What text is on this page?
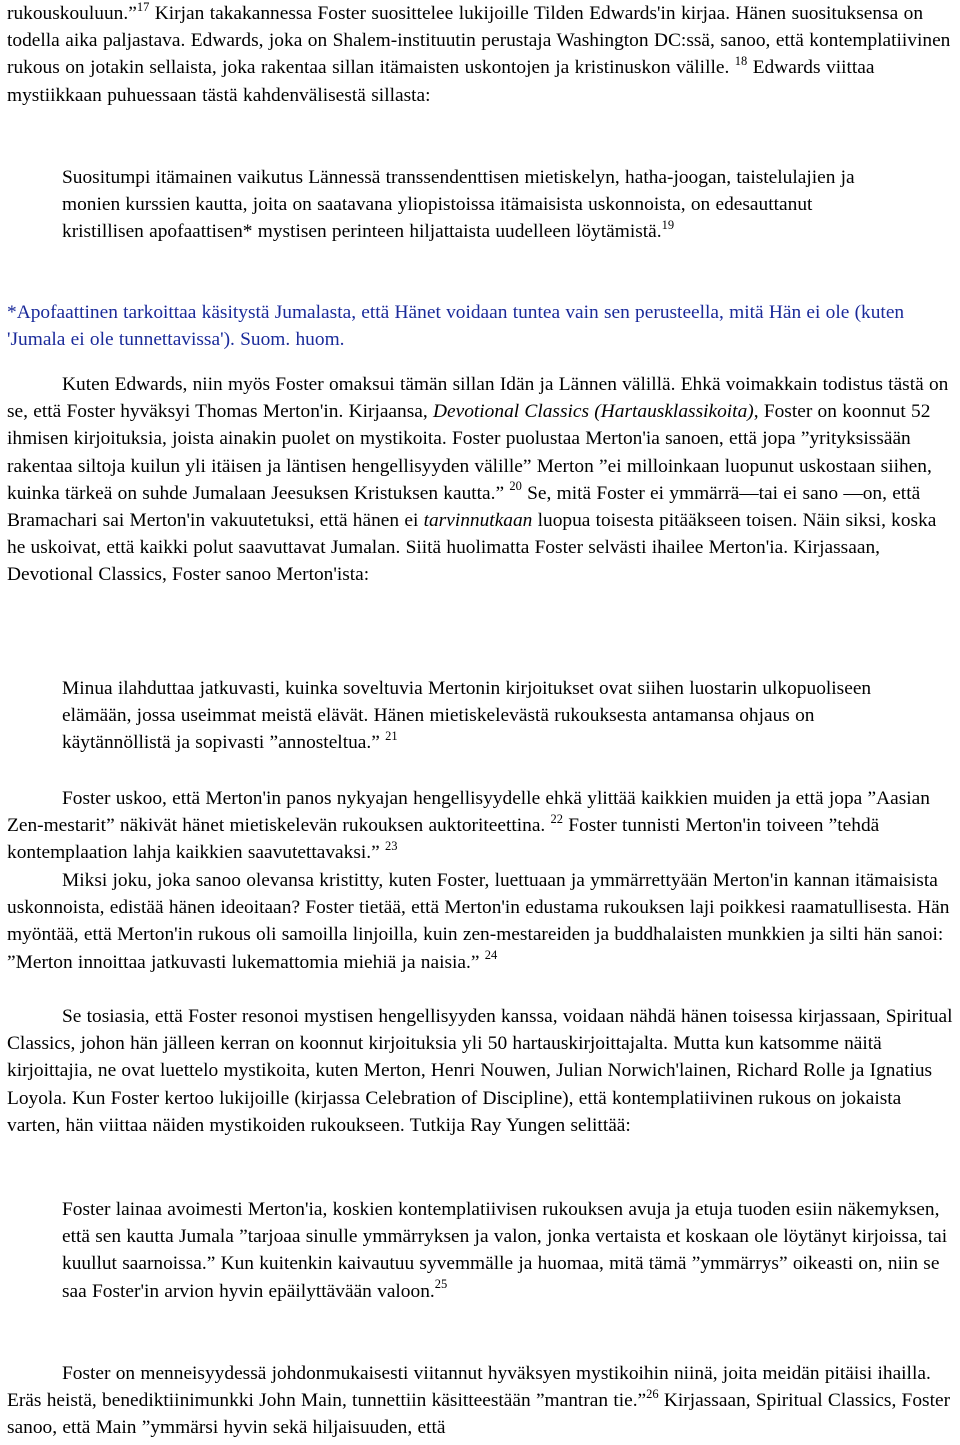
rukouskouluun.”$^{17}$ Kirjan takakannessa Foster suosittelee lukijoille Tilden Edwards'in kirjaa. Hänen suosituksensa on todella aika paljastava. Edwards, joka on Shalem-instituutin perustaja Washington DC:ssä, sanoo, että kontemplatiivinen rukous on jotakin sellaista, joka rakentaa sillan itämaisten uskontojen ja kristinuskon välille. $^{18}$ Edwards viittaa mystiikkaan puhuessaan tästä kahdenvälisestä sillasta:
Suositumpi itämainen vaikutus Lännessä transsendenttisen mietiskelyn, hatha-joogan, taistelulajien ja monien kurssien kautta, joita on saatavana yliopistoissa itämaisista uskonnoista, on edesauttanut kristillisen apofaattisen* mystisen perinteen hiljattaista uudelleen löytämistä.$^{19}$
*Apofaattinen tarkoittaa käsitystä Jumalasta, että Hänet voidaan tuntea vain sen perusteella, mitä Hän ei ole (kuten 'Jumala ei ole tunnettavissa'). Suom. huom.
Kuten Edwards, niin myös Foster omaksui tämän sillan Idän ja Lännen välillä. Ehkä voimakkain todistus tästä on se, että Foster hyväksyi Thomas Merton'in. Kirjaansa, Devotional Classics (Hartausklassikoita), Foster on koonnut 52 ihmisen kirjoituksia, joista ainakin puolet on mystikoita. Foster puolustaa Merton'ia sanoen, että jopa ”yrityksissään rakentaa siltoja kuilun yli itäisen ja läntisen hengellisyyden välille” Merton ”ei milloinkaan luopunut uskostaan siihen, kuinka tärkeä on suhde Jumalaan Jeesuksen Kristuksen kautta.” $^{20}$ Se, mitä Foster ei ymmärrä—tai ei sano —on, että Bramachari sai Merton'in vakuutetuksi, että hänen ei tarvinnutkaan luopua toisesta pitääkseen toisen. Näin siksi, koska he uskoivat, että kaikki polut saavuttavat Jumalan. Siitä huolimatta Foster selvästi ihailee Merton'ia. Kirjassaan, Devotional Classics, Foster sanoo Merton'ista:
Minua ilahduttaa jatkuvasti, kuinka soveltuvia Mertonin kirjoitukset ovat siihen luostarin ulkopuoliseen elämään, jossa useimmat meistä elävät. Hänen mietiskelevästä rukouksesta antamansa ohjaus on käytännöllistä ja sopivasti ”annosteltua.” $^{21}$
Foster uskoo, että Merton'in panos nykyajan hengellisyydelle ehkä ylittää kaikkien muiden ja että jopa ”Aasian Zen-mestarit” näkivät hänet mietiskelevän rukouksen auktoriteettina. $^{22}$ Foster tunnisti Merton'in toiveen ”tehdä kontemplaation lahja kaikkien saavutettavaksi.” $^{23}$
Miksi joku, joka sanoo olevansa kristitty, kuten Foster, luettuaan ja ymmärrettyään Merton'in kannan itämaisista uskonnoista, edistää hänen ideoitaan? Foster tietää, että Merton'in edustama rukouksen laji poikkesi raamatullisesta. Hän myöntää, että Merton'in rukous oli samoilla linjoilla, kuin zen-mestareiden ja buddhalaisten munkkien ja silti hän sanoi: ”Merton innoittaa jatkuvasti lukemattomia miehiä ja naisia.” $^{24}$
Se tosiasia, että Foster resonoi mystisen hengellisyyden kanssa, voidaan nähdä hänen toisessa kirjassaan, Spiritual Classics, johon hän jälleen kerran on koonnut kirjoituksia yli 50 hartauskirjoittajalta. Mutta kun katsomme näitä kirjoittajia, ne ovat luettelo mystikoita, kuten Merton, Henri Nouwen, Julian Norwich'lainen, Richard Rolle ja Ignatius Loyola. Kun Foster kertoo lukijoille (kirjassa Celebration of Discipline), että kontemplatiivinen rukous on jokaista varten, hän viittaa näiden mystikoiden rukoukseen. Tutkija Ray Yungen selittää:
Foster lainaa avoimesti Merton'ia, koskien kontemplatiivisen rukouksen avuja ja etuja tuoden esiin näkemyksen, että sen kautta Jumala ”tarjoaa sinulle ymmärryksen ja valon, jonka vertaista et koskaan ole löytänyt kirjoissa, tai kuullut saarnoissa.” Kun kuitenkin kaivautuu syvemmälle ja huomaa, mitä tämä ”ymmärrys” oikeasti on, niin se saa Foster'in arvion hyvin epäilyttävään valoon.$^{25}$
Foster on menneisyydessä johdonmukaisesti viitannut hyväksyen mystikoihin niinä, joita meidän pitäisi ihailla. Eräs heistä, benediktiinimunkki John Main, tunnettiin käsitteestään ”mantran tie.”$^{26}$ Kirjassaan, Spiritual Classics, Foster sanoo, että Main ”ymmärsi hyvin sekä hiljaisuuden, että
